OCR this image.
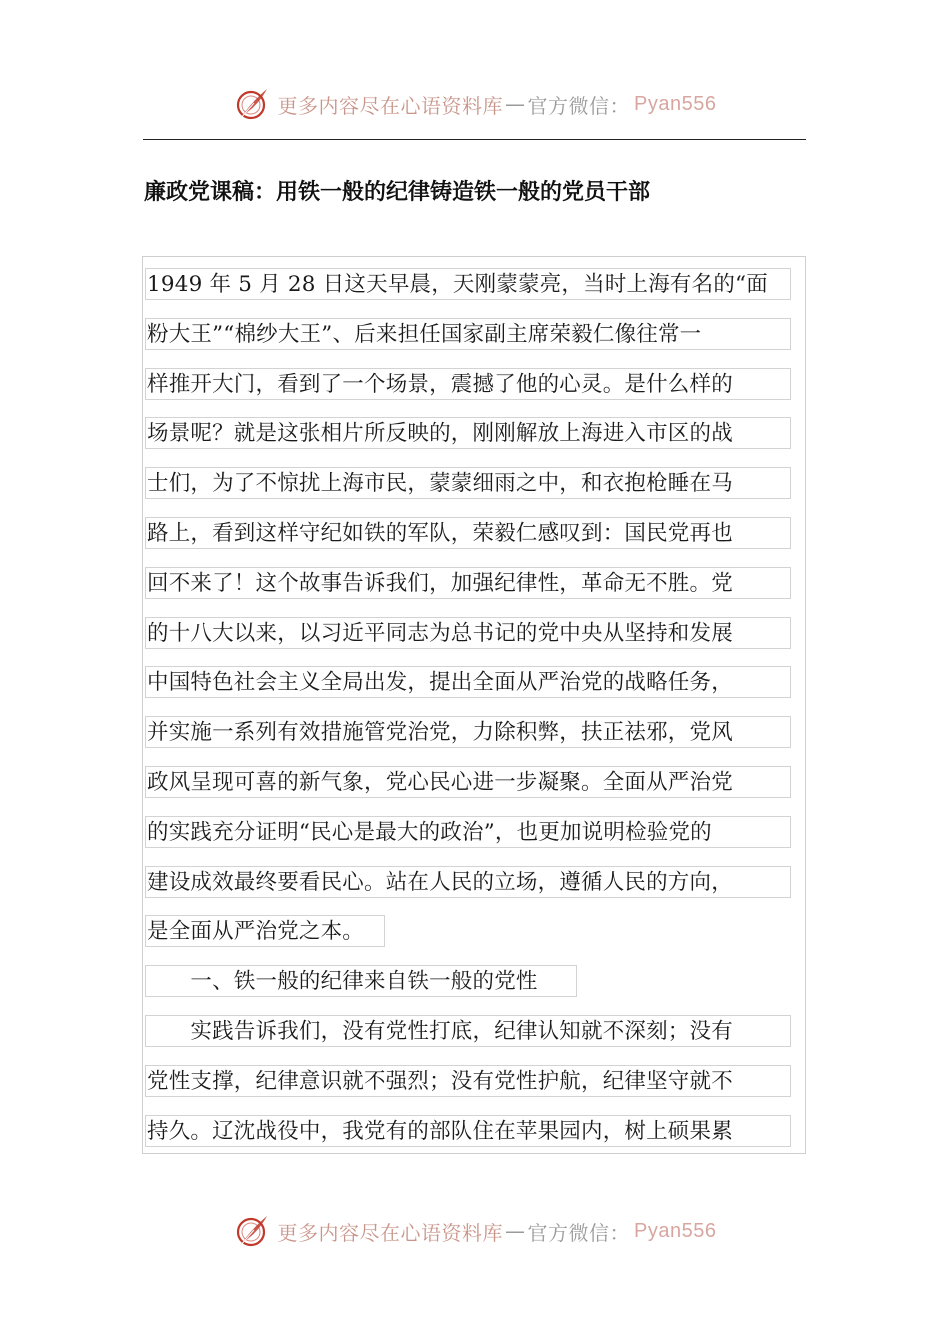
更多内容尽在心语资料库 — 官方微信： Pyan556
廉政党课稿：用铁一般的纪律铸造铁一般的党员干部
1949 年 5 月 28 日这天早晨，天刚蒙蒙亮，当时上海有名的“面
粉大王”“棉纱大王”、后来担任国家副主席荣毅仁像往常一
样推开大门，看到了一个场景，震撼了他的心灵。是什么样的
场景呢？就是这张相片所反映的，刚刚解放上海进入市区的战
士们，为了不惊扰上海市民，蒙蒙细雨之中，和衣抱枪睡在马
路上，看到这样守纪如铁的军队，荣毅仁感叹到：国民党再也
回不来了！这个故事告诉我们，加强纪律性，革命无不胜。党
的十八大以来，以习近平同志为总书记的党中央从坚持和发展
中国特色社会主义全局出发，提出全面从严治党的战略任务，
并实施一系列有效措施管党治党，力除积弊，扶正祛邪，党风
政风呈现可喜的新气象，党心民心进一步凝聚。全面从严治党
的实践充分证明“民心是最大的政治”，也更加说明检验党的
建设成效最终要看民心。站在人民的立场，遵循人民的方向，
是全面从严治党之本。
　　一、铁一般的纪律来自铁一般的党性
　　实践告诉我们，没有党性打底，纪律认知就不深刻；没有
党性支撑，纪律意识就不强烈；没有党性护航，纪律坚守就不
持久。辽沈战役中，我党有的部队住在苹果园内，树上硕果累
更多内容尽在心语资料库 — 官方微信： Pyan556
